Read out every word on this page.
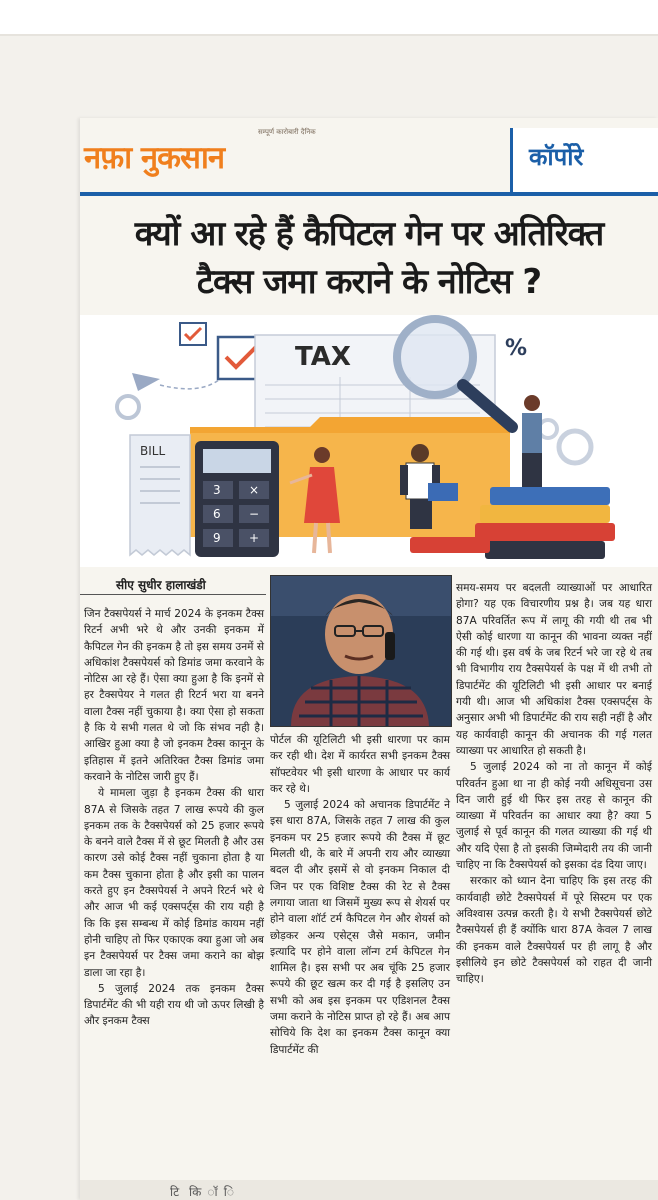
नफ़ा नुकसान
सम्पूर्ण कारोबारी दैनिक
कॉर्पोरे
क्यों आ रहे हैं कैपिटल गेन पर अतिरिक्त
टैक्स जमा कराने के नोटिस ?
TAX	%
BILL
3 ×
6 −
9 +
सीए सुधीर हालाखंडी

जिन टैक्सपेयर्स ने मार्च 2024 के इनकम टैक्स रिटर्न अभी भरे थे और उनकी इनकम में कैपिटल गेन की इनकम है तो इस समय उनमें से अधिकांश टैक्सपेयर्स को डिमांड जमा करवाने के नोटिस आ रहे हैं। ऐसा क्या हुआ है कि इनमें से हर टैक्सपेयर ने गलत ही रिटर्न भरा या बनने वाला टैक्स नहीं चुकाया है। क्या ऐसा हो सकता है कि ये सभी गलत थे जो कि संभव नही है। आखिर हुआ क्या है जो इनकम टैक्स कानून के इतिहास में इतने अतिरिक्त टैक्स डिमांड जमा करवाने के नोटिस जारी हुए हैं।

ये मामला जुड़ा है इनकम टैक्स की धारा 87A से जिसके तहत 7 लाख रूपये की कुल इनकम तक के टैक्सपेयर्स को 25 हजार रूपये के बनने वाले टैक्स में से छूट मिलती है और उस कारण उसे कोई टैक्स नहीं चुकाना होता है या कम टैक्स चुकाना होता है और इसी का पालन करते हुए इन टैक्सपेयर्स ने अपने रिटर्न भरे थे और आज भी कई एक्सपर्ट्स की राय यही है कि कि इस सम्बन्ध में कोई डिमांड कायम नहीं होनी चाहिए तो फिर एकाएक क्या हुआ जो अब इन टैक्सपेयर्स पर टैक्स जमा कराने का बोझ डाला जा रहा है।

5 जुलाई 2024 तक इनकम टैक्स डिपार्टमेंट की भी यही राय थी जो ऊपर लिखी है और इनकम टैक्स

पोर्टल की यूटिलिटी भी इसी धारणा पर काम कर रही थी। देश में कार्यरत सभी इनकम टैक्स सॉफ्टवेयर भी इसी धारणा के आधार पर कार्य कर रहे थे।

5 जुलाई 2024 को अचानक डिपार्टमेंट ने इस धारा 87A, जिसके तहत 7 लाख की कुल इनकम पर 25 हजार रूपये की टैक्स में छूट मिलती थी, के बारे में अपनी राय और व्याख्या बदल दी और इसमें से वो इनकम निकाल दी जिन पर एक विशिष्ट टैक्स की रेट से टैक्स लगाया जाता था जिसमें मुख्य रूप से शेयर्स पर होने वाला शॉर्ट टर्म कैपिटल गेन और शेयर्स को छोड़कर अन्य एसेट्स जैसे मकान, जमीन इत्यादि पर होने वाला लॉन्ग टर्म केपिटल गेन शामिल है। इस सभी पर अब चूंकि 25 हजार रूपये की छूट खत्म कर दी गई है इसलिए उन सभी को अब इस इनकम पर एडिशनल टैक्स जमा कराने के नोटिस प्राप्त हो रहे हैं। अब आप सोचिये कि देश का इनकम टैक्स कानून क्या डिपार्टमेंट की

समय-समय पर बदलती व्याख्याओं पर आधारित होगा? यह एक विचारणीय प्रश्न है। जब यह धारा 87A परिवर्तित रूप में लागू की गयी थी तब भी ऐसी कोई धारणा या कानून की भावना व्यक्त नहीं की गई थी। इस वर्ष के जब रिटर्न भरे जा रहे थे तब भी विभागीय राय टैक्सपेयर्स के पक्ष में थी तभी तो डिपार्टमेंट की यूटिलिटी भी इसी आधार पर बनाई गयी थी। आज भी अधिकांश टैक्स एक्सपर्ट्स के अनुसार अभी भी डिपार्टमेंट की राय सही नहीं है और यह कार्यवाही कानून की अचानक की गई गलत व्याख्या पर आधारित हो सकती है।

5 जुलाई 2024 को ना तो कानून में कोई परिवर्तन हुआ था ना ही कोई नयी अधिसूचना उस दिन जारी हुई थी फिर इस तरह से कानून की व्याख्या में परिवर्तन का आधार क्या है? क्या 5 जुलाई से पूर्व कानून की गलत व्याख्या की गई थी और यदि ऐसा है तो इसकी जिम्मेदारी तय की जानी चाहिए ना कि टैक्सपेयर्स को इसका दंड दिया जाए।

सरकार को ध्यान देना चाहिए कि इस तरह की कार्यवाही छोटे टैक्सपेयर्स में पूरे सिस्टम पर एक अविश्वास उत्पन्न करती है। ये सभी टैक्सपेयर्स छोटे टैक्सपेयर्स ही हैं क्योंकि धारा 87A केवल 7 लाख की इनकम वाले टैक्सपेयर्स पर ही लागू है और इसीलिये इन छोटे टैक्सपेयर्स को राहत दी जानी चाहिए।

टि कि ॉ ि
